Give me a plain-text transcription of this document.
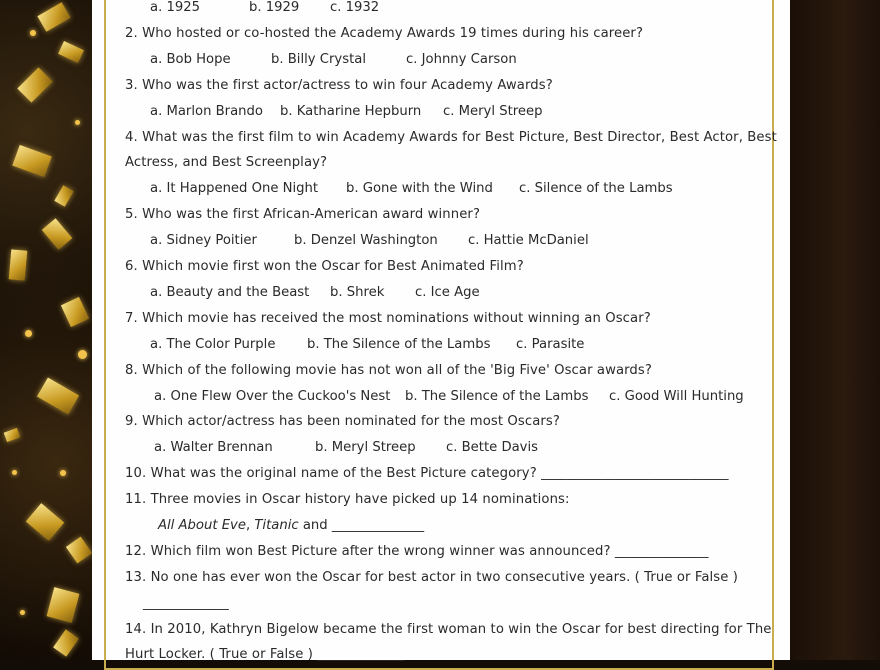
a. 1925	b. 1929 c. 1932
2. Who hosted or co-hosted the Academy Awards 19 times during his career?
a. Bob Hope	b. Billy Crystal	c. Johnny Carson
3. Who was the first actor/actress to win four Academy Awards?
a. Marlon Brando b. Katharine Hepburn c. Meryl Streep
4. What was the first film to win Academy Awards for Best Picture, Best Director, Best Actor, Best
Actress, and Best Screenplay?
a. It Happened One Night b. Gone with the Wind c. Silence of the Lambs
5. Who was the first African-American award winner?
a. Sidney Poitier	b. Denzel Washington c. Hattie McDaniel
6. Which movie first won the Oscar for Best Animated Film?
a. Beauty and the Beast b. Shrek c. Ice Age
7. Which movie has received the most nominations without winning an Oscar?
a. The Color Purple b. The Silence of the Lambs c. Parasite
8. Which of the following movie has not won all of the 'Big Five' Oscar awards?
a. One Flew Over the Cuckoo's Nest b. The Silence of the Lambs c. Good Will Hunting
9. Which actor/actress has been nominated for the most Oscars?
a. Walter Brennan	b. Meryl Streep c. Bette Davis
10. What was the original name of the Best Picture category? ____________________________
11. Three movies in Oscar history have picked up 14 nominations:
All About Eve, Titanic and ______________
12. Which film won Best Picture after the wrong winner was announced? ______________
13. No one has ever won the Oscar for best actor in two consecutive years. ( True or False )
_____________
14. In 2010, Kathryn Bigelow became the first woman to win the Oscar for best directing for The
Hurt Locker. ( True or False ) _____________
